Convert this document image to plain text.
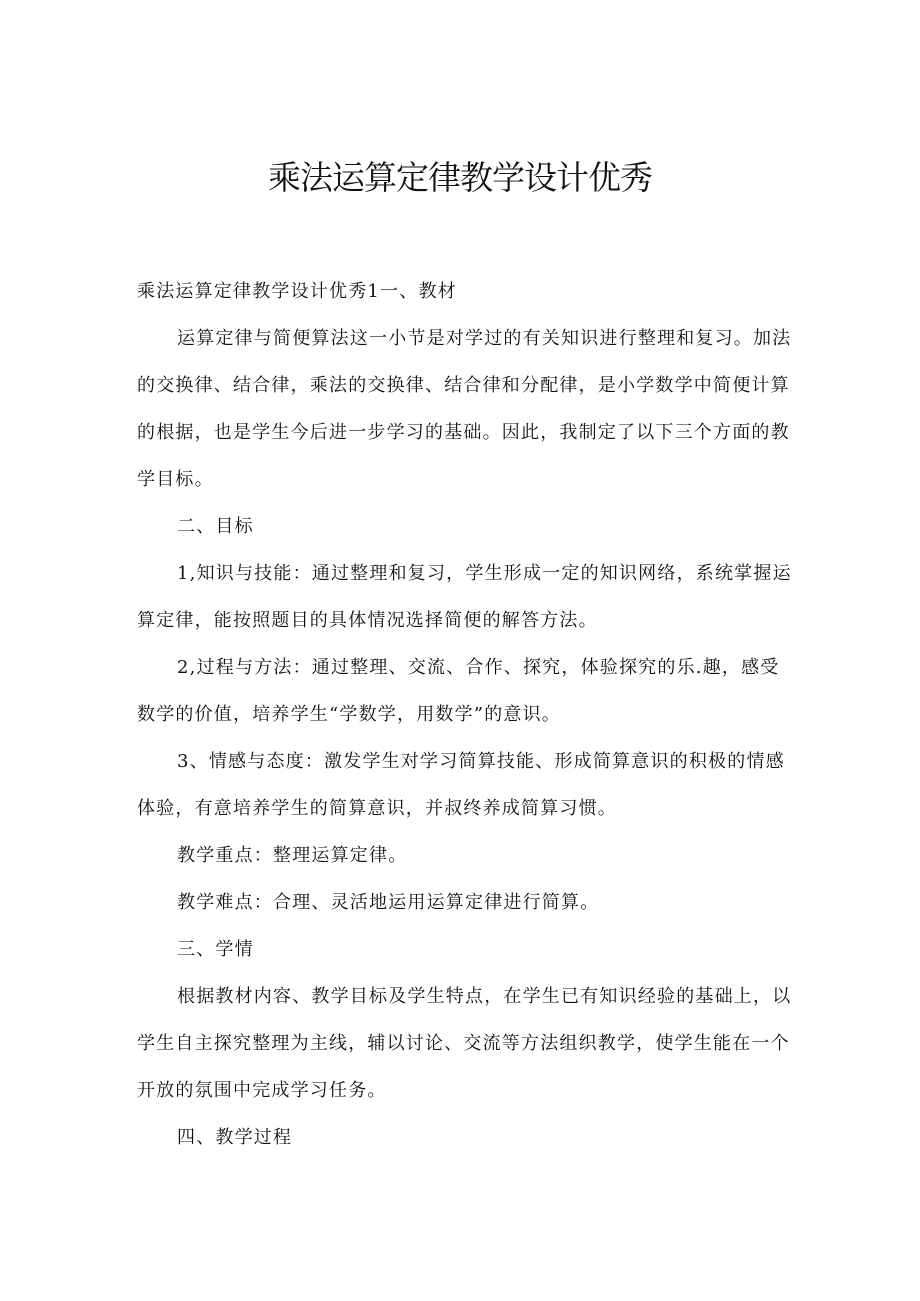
乘法运算定律教学设计优秀

乘法运算定律教学设计优秀1一、教材

运算定律与简便算法这一小节是对学过的有关知识进行整理和复习。加法的交换律、结合律，乘法的交换律、结合律和分配律，是小学数学中简便计算的根据，也是学生今后进一步学习的基础。因此，我制定了以下三个方面的教学目标。

二、目标

1,知识与技能：通过整理和复习，学生形成一定的知识网络，系统掌握运算定律，能按照题目的具体情况选择简便的解答方法。

2,过程与方法：通过整理、交流、合作、探究，体验探究的乐.趣，感受数学的价值，培养学生“学数学，用数学”的意识。

3、情感与态度：激发学生对学习简算技能、形成简算意识的积极的情感体验，有意培养学生的简算意识，并叔终养成简算习惯。

教学重点：整理运算定律。

教学难点：合理、灵活地运用运算定律进行简算。

三、学情

根据教材内容、教学目标及学生特点，在学生已有知识经验的基础上，以学生自主探究整理为主线，辅以讨论、交流等方法组织教学，使学生能在一个开放的氛围中完成学习任务。

四、教学过程
